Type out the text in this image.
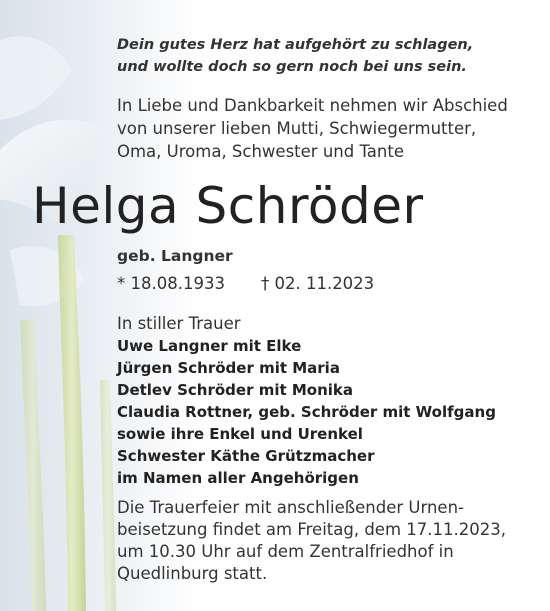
Dein gutes Herz hat aufgehört zu schlagen,
und wollte doch so gern noch bei uns sein.
In Liebe und Dankbarkeit nehmen wir Abschied
von unserer lieben Mutti, Schwiegermutter,
Oma, Uroma, Schwester und Tante
Helga Schröder
geb. Langner
* 18.08.1933 † 02. 11.2023
In stiller Trauer
Uwe Langner mit Elke
Jürgen Schröder mit Maria
Detlev Schröder mit Monika
Claudia Rottner, geb. Schröder mit Wolfgang
sowie ihre Enkel und Urenkel
Schwester Käthe Grützmacher
im Namen aller Angehörigen
Die Trauerfeier mit anschließender Urnen-
beisetzung findet am Freitag, dem 17.11.2023,
um 10.30 Uhr auf dem Zentralfriedhof in
Quedlinburg statt.
